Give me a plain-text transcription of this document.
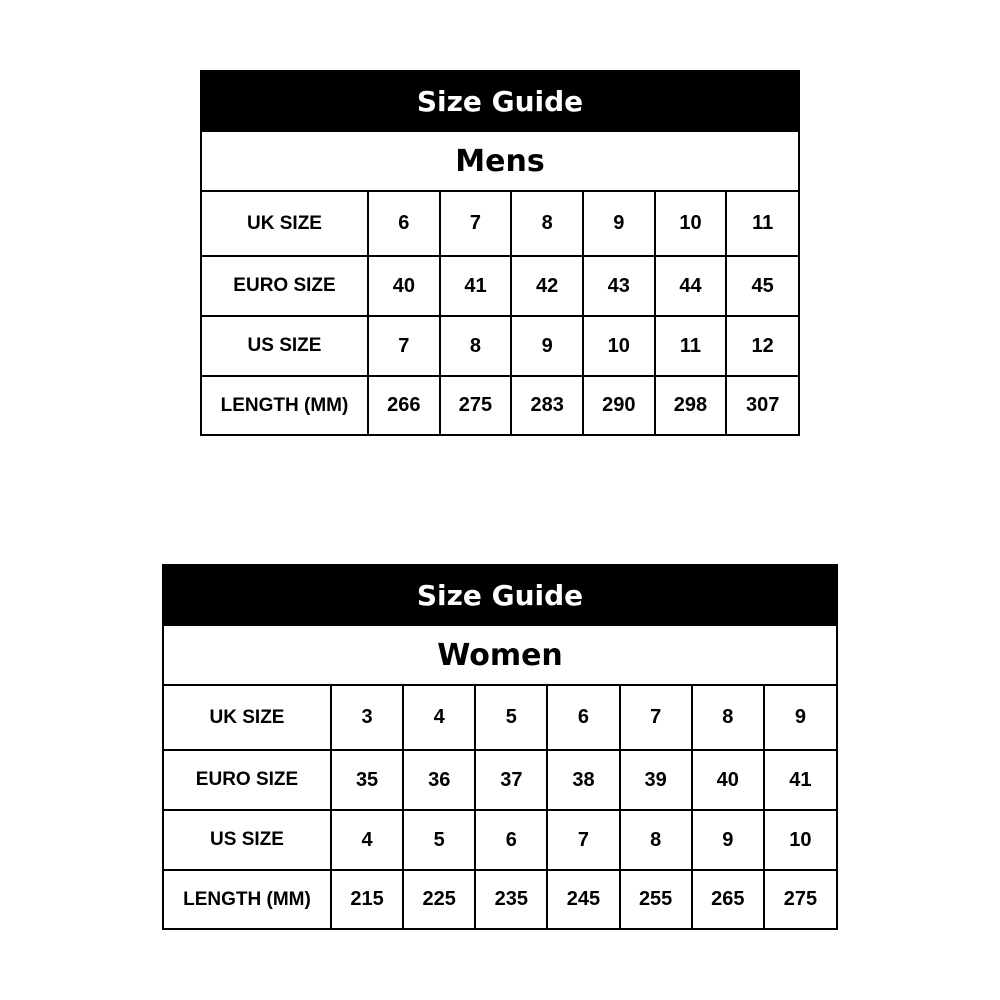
Size Guide
Mens
UK SIZE	6	7	8	9	10	11
EURO SIZE	40	41	42	43	44	45
US SIZE	7	8	9	10	11	12
LENGTH (MM)	266	275	283	290	298	307
Size Guide
Women
UK SIZE	3	4	5	6	7	8	9
EURO SIZE	35	36	37	38	39	40	41
US SIZE	4	5	6	7	8	9	10
LENGTH (MM)	215	225	235	245	255	265	275
